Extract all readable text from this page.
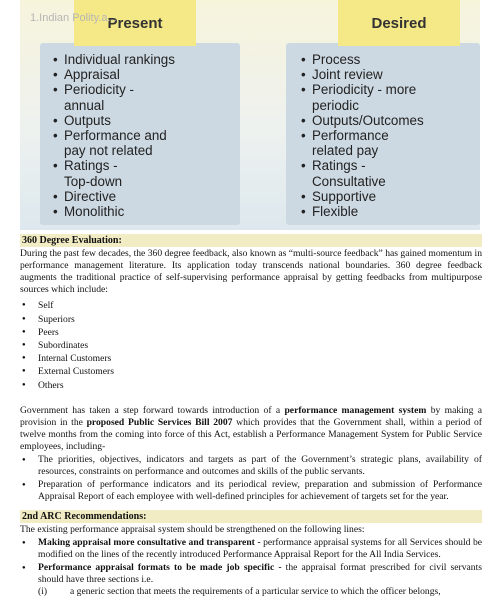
• Individual rankings
• Appraisal
• Periodicity -
annual
• Outputs
• Performance and
pay not related
• Ratings -
Top-down
• Directive
• Monolithic
• Process
• Joint review
• Periodicity - more
periodic
• Outputs/Outcomes
• Performance
related pay
• Ratings -
Consultative
• Supportive
• Flexible
Present	Desired
1.Indian Polity.a...
360 Degree Evaluation:

During the past few decades, the 360 degree feedback, also known as “multi-source feedback” has gained momentum in performance management literature. Its application today transcends national boundaries. 360 degree feedback augments the traditional practice of self-supervising performance appraisal by getting feedbacks from multipurpose sources which include:

● Self
● Superiors
● Peers
● Subordinates
● Internal Customers
● External Customers
● Others

Government has taken a step forward towards introduction of a performance management system by making a provision in the proposed Public Services Bill 2007 which provides that the Government shall, within a period of twelve months from the coming into force of this Act, establish a Performance Management System for Public Service employees, including-

● The priorities, objectives, indicators and targets as part of the Government’s strategic plans, availability of resources, constraints on performance and outcomes and skills of the public servants.
● Preparation of performance indicators and its periodical review, preparation and submission of Performance Appraisal Report of each employee with well-defined principles for achievement of targets set for the year.
2nd ARC Recommendations:

The existing performance appraisal system should be strengthened on the following lines:

● Making appraisal more consultative and transparent - performance appraisal systems for all Services should be modified on the lines of the recently introduced Performance Appraisal Report for the All India Services.
● Performance appraisal formats to be made job specific - the appraisal format prescribed for civil servants should have three sections i.e.
(i)	a generic section that meets the requirements of a particular service to which the officer belongs,
